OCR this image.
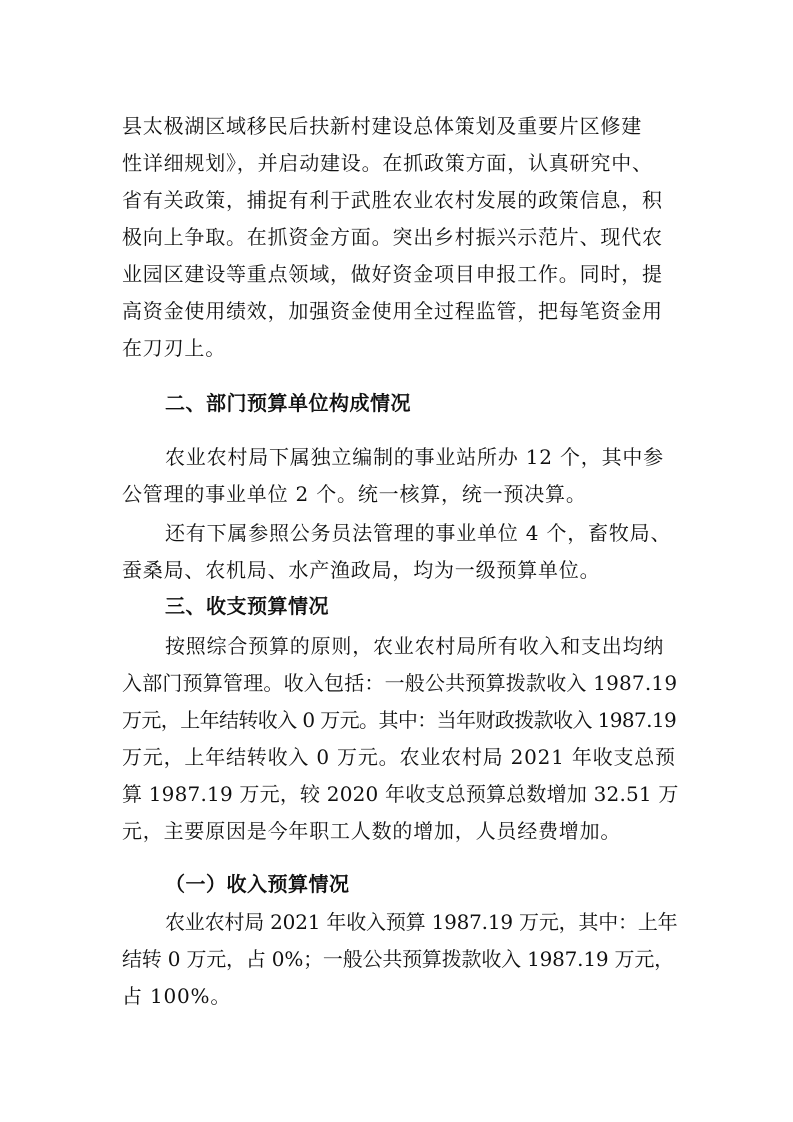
县太极湖区域移民后扶新村建设总体策划及重要片区修建
性详细规划》，并启动建设。在抓政策方面，认真研究中、
省有关政策，捕捉有利于武胜农业农村发展的政策信息，积
极向上争取。在抓资金方面。突出乡村振兴示范片、现代农
业园区建设等重点领域，做好资金项目申报工作。同时，提
高资金使用绩效，加强资金使用全过程监管，把每笔资金用
在刀刃上。
二、部门预算单位构成情况
农业农村局下属独立编制的事业站所办 12 个，其中参
公管理的事业单位 2 个。统一核算，统一预决算。
还有下属参照公务员法管理的事业单位 4 个，畜牧局、
蚕桑局、农机局、水产渔政局，均为一级预算单位。
三、收支预算情况
按照综合预算的原则，农业农村局所有收入和支出均纳
入部门预算管理。收入包括：一般公共预算拨款收入 1987.19
万元，上年结转收入 0 万元。其中：当年财政拨款收入 1987.19
万元，上年结转收入 0 万元。农业农村局 2021 年收支总预
算 1987.19 万元，较 2020 年收支总预算总数增加 32.51 万
元，主要原因是今年职工人数的增加，人员经费增加。
（一）收入预算情况
农业农村局 2021 年收入预算 1987.19 万元，其中：上年
结转 0 万元，占 0%；一般公共预算拨款收入 1987.19 万元，
占 100%。
